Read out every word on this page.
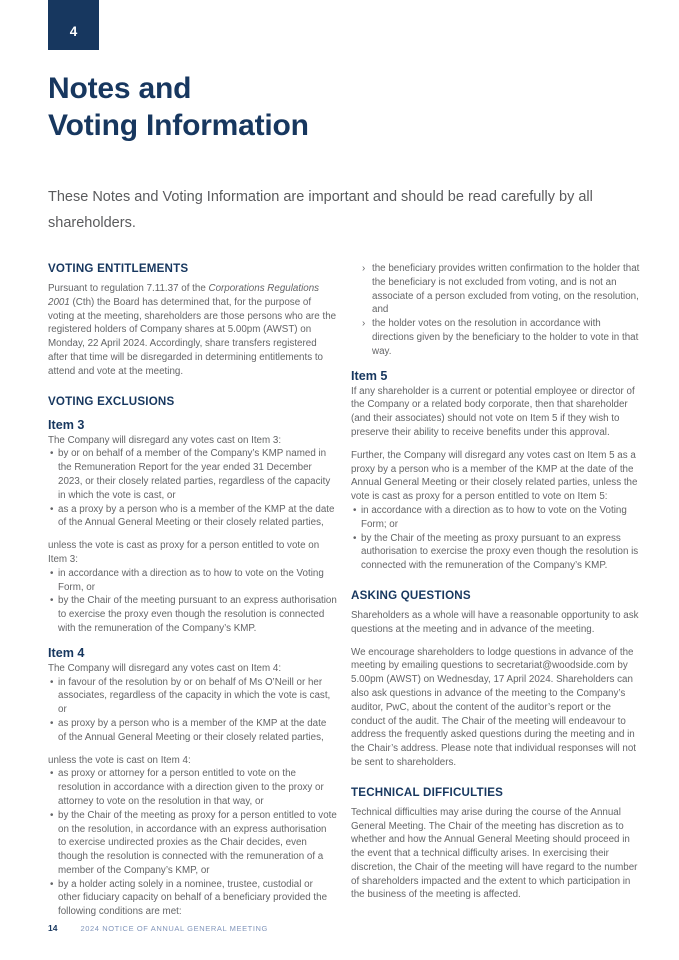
4
Notes and
Voting Information

These Notes and Voting Information are important and should be read carefully by all shareholders.

VOTING ENTITLEMENTS

Pursuant to regulation 7.11.37 of the Corporations Regulations 2001 (Cth) the Board has determined that, for the purpose of voting at the meeting, shareholders are those persons who are the registered holders of Company shares at 5.00pm (AWST) on Monday, 22 April 2024. Accordingly, share transfers registered after that time will be disregarded in determining entitlements to attend and vote at the meeting.

VOTING EXCLUSIONS
Item 3

The Company will disregard any votes cast on Item 3:

• by or on behalf of a member of the Company’s KMP named in the Remuneration Report for the year ended 31 December 2023, or their closely related parties, regardless of the capacity in which the vote is cast, or
• as a proxy by a person who is a member of the KMP at the date of the Annual General Meeting or their closely related parties,

unless the vote is cast as proxy for a person entitled to vote on Item 3:

• in accordance with a direction as to how to vote on the Voting Form, or
• by the Chair of the meeting pursuant to an express authorisation to exercise the proxy even though the resolution is connected with the remuneration of the Company’s KMP.
Item 4

The Company will disregard any votes cast on Item 4:

• in favour of the resolution by or on behalf of Ms O’Neill or her associates, regardless of the capacity in which the vote is cast, or
• as proxy by a person who is a member of the KMP at the date of the Annual General Meeting or their closely related parties,

unless the vote is cast on Item 4:

• as proxy or attorney for a person entitled to vote on the resolution in accordance with a direction given to the proxy or attorney to vote on the resolution in that way, or
• by the Chair of the meeting as proxy for a person entitled to vote on the resolution, in accordance with an express authorisation to exercise undirected proxies as the Chair decides, even though the resolution is connected with the remuneration of a member of the Company’s KMP, or
• by a holder acting solely in a nominee, trustee, custodial or other fiduciary capacity on behalf of a beneficiary provided the following conditions are met:
› the beneficiary provides written confirmation to the holder that the beneficiary is not excluded from voting, and is not an associate of a person excluded from voting, on the resolution, and
› the holder votes on the resolution in accordance with directions given by the beneficiary to the holder to vote in that way.
Item 5

If any shareholder is a current or potential employee or director of the Company or a related body corporate, then that shareholder (and their associates) should not vote on Item 5 if they wish to preserve their ability to receive benefits under this approval.

Further, the Company will disregard any votes cast on Item 5 as a proxy by a person who is a member of the KMP at the date of the Annual General Meeting or their closely related parties, unless the vote is cast as proxy for a person entitled to vote on Item 5:

• in accordance with a direction as to how to vote on the Voting Form; or
• by the Chair of the meeting as proxy pursuant to an express authorisation to exercise the proxy even though the resolution is connected with the remuneration of the Company’s KMP.
ASKING QUESTIONS

Shareholders as a whole will have a reasonable opportunity to ask questions at the meeting and in advance of the meeting.

We encourage shareholders to lodge questions in advance of the meeting by emailing questions to secretariat@woodside.com by 5.00pm (AWST) on Wednesday, 17 April 2024. Shareholders can also ask questions in advance of the meeting to the Company’s auditor, PwC, about the content of the auditor’s report or the conduct of the audit. The Chair of the meeting will endeavour to address the frequently asked questions during the meeting and in the Chair’s address. Please note that individual responses will not be sent to shareholders.

TECHNICAL DIFFICULTIES

Technical difficulties may arise during the course of the Annual General Meeting. The Chair of the meeting has discretion as to whether and how the Annual General Meeting should proceed in the event that a technical difficulty arises. In exercising their discretion, the Chair of the meeting will have regard to the number of shareholders impacted and the extent to which participation in the business of the meeting is affected.

14	2024 NOTICE OF ANNUAL GENERAL MEETING
